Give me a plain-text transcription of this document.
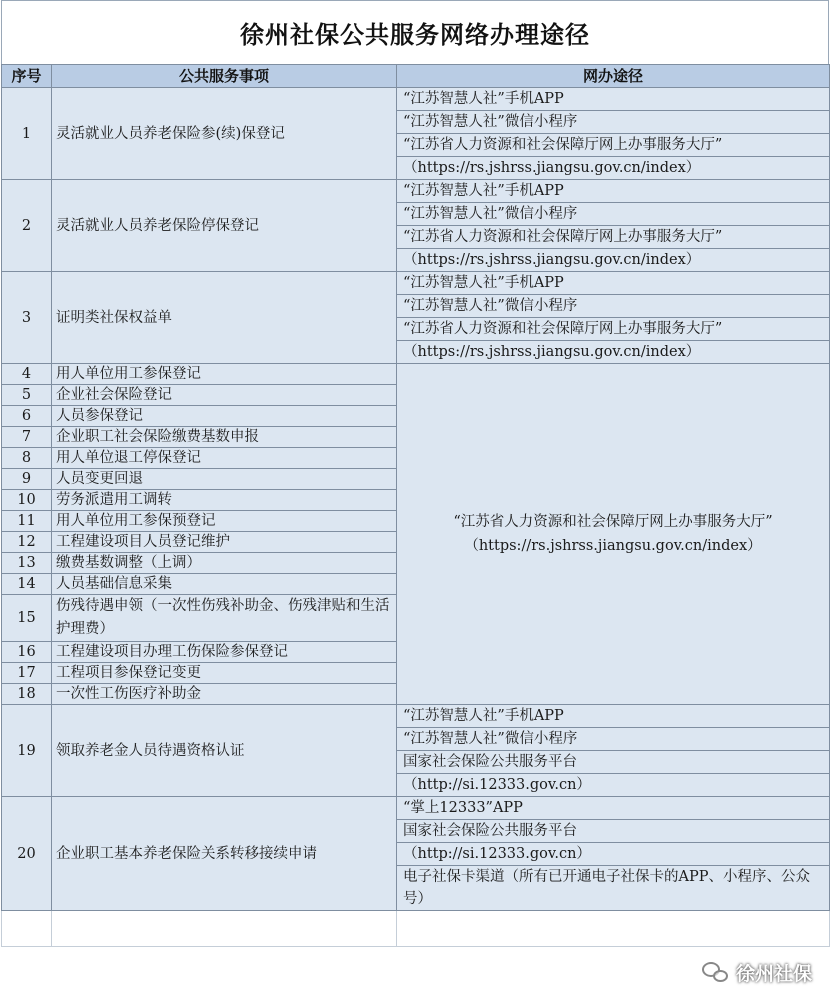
徐州社保公共服务网络办理途径
序号	公共服务事项	网办途径
1	灵活就业人员养老保险参(续)保登记	“江苏智慧人社”手机APP
		“江苏智慧人社”微信小程序
		“江苏省人力资源和社会保障厅网上办事服务大厅”
		（https://rs.jshrss.jiangsu.gov.cn/index）
2	灵活就业人员养老保险停保登记	“江苏智慧人社”手机APP
		“江苏智慧人社”微信小程序
		“江苏省人力资源和社会保障厅网上办事服务大厅”
		（https://rs.jshrss.jiangsu.gov.cn/index）
3	证明类社保权益单	“江苏智慧人社”手机APP
		“江苏智慧人社”微信小程序
		“江苏省人力资源和社会保障厅网上办事服务大厅”
		（https://rs.jshrss.jiangsu.gov.cn/index）
4	用人单位用工参保登记	“江苏省人力资源和社会保障厅网上办事服务大厅”
（https://rs.jshrss.jiangsu.gov.cn/index）

5	企业社会保险登记	
6	人员参保登记	
7	企业职工社会保险缴费基数申报	
8	用人单位退工停保登记	
9	人员变更回退	
10	劳务派遣用工调转	
11	用人单位用工参保预登记	
12	工程建设项目人员登记维护	
13	缴费基数调整（上调）	
14	人员基础信息采集	
15	伤残待遇申领（一次性伤残补助金、伤残津贴和生活护理费）	

16	工程建设项目办理工伤保险参保登记	
17	工程项目参保登记变更	
18	一次性工伤医疗补助金	
19	领取养老金人员待遇资格认证	“江苏智慧人社”手机APP
		“江苏智慧人社”微信小程序
		国家社会保险公共服务平台
		（http://si.12333.gov.cn）
20	企业职工基本养老保险关系转移接续申请	“掌上12333”APP
		国家社会保险公共服务平台
		（http://si.12333.gov.cn）
		电子社保卡渠道（所有已开通电子社保卡的APP、小程序、公众号）

徐州社保
